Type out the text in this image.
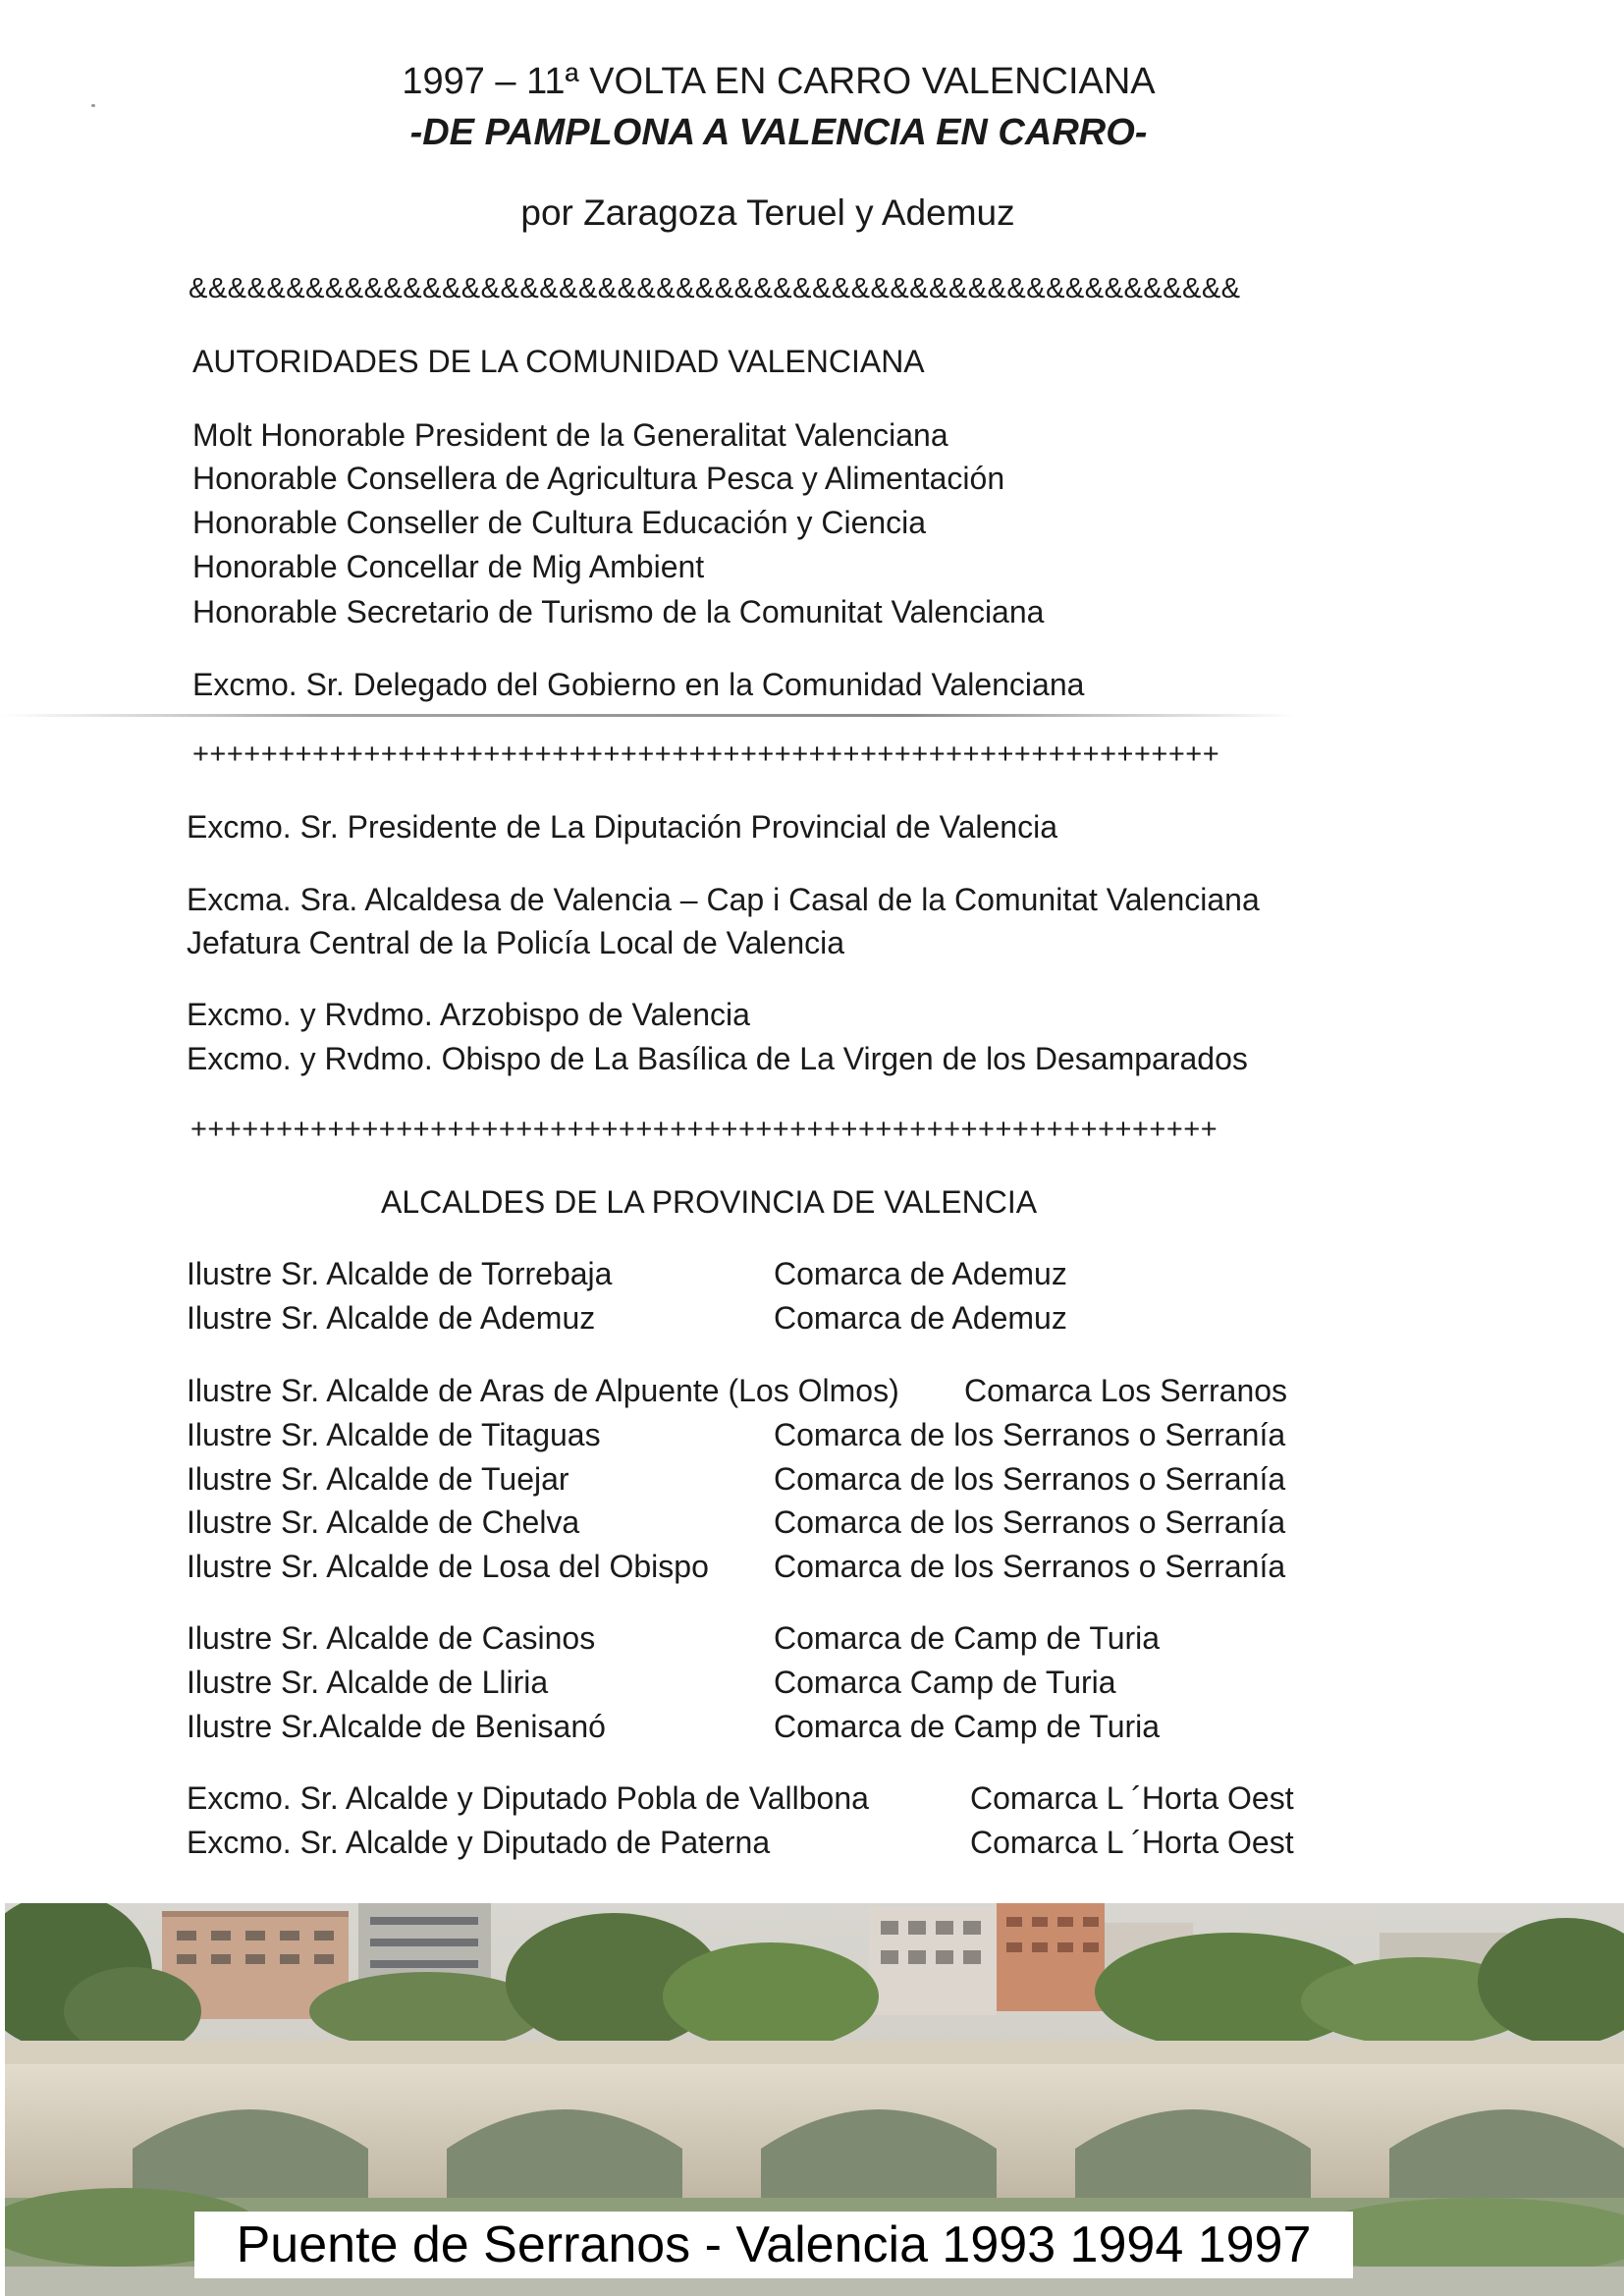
1997 – 11ª VOLTA EN CARRO VALENCIANA
-DE PAMPLONA A VALENCIA EN CARRO-
por Zaragoza Teruel y Ademuz
&&&&&&&&&&&&&&&&&&&&&&&&&&&&&&&&&&&&&&&&&&&&&&&&&&&&&&
AUTORIDADES DE LA COMUNIDAD VALENCIANA
Molt Honorable President de la Generalitat Valenciana
Honorable Consellera de Agricultura Pesca y Alimentación
Honorable Conseller de Cultura Educación y Ciencia
Honorable Concellar de Mig Ambient
Honorable Secretario de Turismo de la Comunitat Valenciana
Excmo. Sr. Delegado del Gobierno en la Comunidad Valenciana
++++++++++++++++++++++++++++++++++++++++++++++++++++++++++++
Excmo. Sr. Presidente de La Diputación Provincial de Valencia
Excma. Sra. Alcaldesa de Valencia – Cap i Casal de la Comunitat Valenciana
Jefatura Central de la Policía Local de Valencia
Excmo. y Rvdmo. Arzobispo de Valencia
Excmo. y Rvdmo. Obispo de La Basílica de La Virgen de los Desamparados
++++++++++++++++++++++++++++++++++++++++++++++++++++++++++++
ALCALDES DE LA PROVINCIA DE VALENCIA
Ilustre Sr. Alcalde de Torrebaja	Comarca de Ademuz
Ilustre Sr. Alcalde de Ademuz	Comarca de Ademuz
Ilustre Sr. Alcalde de Aras de Alpuente (Los Olmos) Comarca Los Serranos
Ilustre Sr. Alcalde de Titaguas	Comarca de los Serranos o Serranía
Ilustre Sr. Alcalde de Tuejar	Comarca de los Serranos o Serranía
Ilustre Sr. Alcalde de Chelva	Comarca de los Serranos o Serranía
Ilustre Sr. Alcalde de Losa del Obispo Comarca de los Serranos o Serranía
Ilustre Sr. Alcalde de Casinos	Comarca de Camp de Turia
Ilustre Sr. Alcalde de Lliria	Comarca Camp de Turia
Ilustre Sr.Alcalde de Benisanó	Comarca de Camp de Turia
Excmo. Sr. Alcalde y Diputado Pobla de Vallbona	Comarca L ´Horta Oest
Excmo. Sr. Alcalde y Diputado de Paterna	Comarca L ´Horta Oest
Puente de Serranos - Valencia 1993 1994 1997
